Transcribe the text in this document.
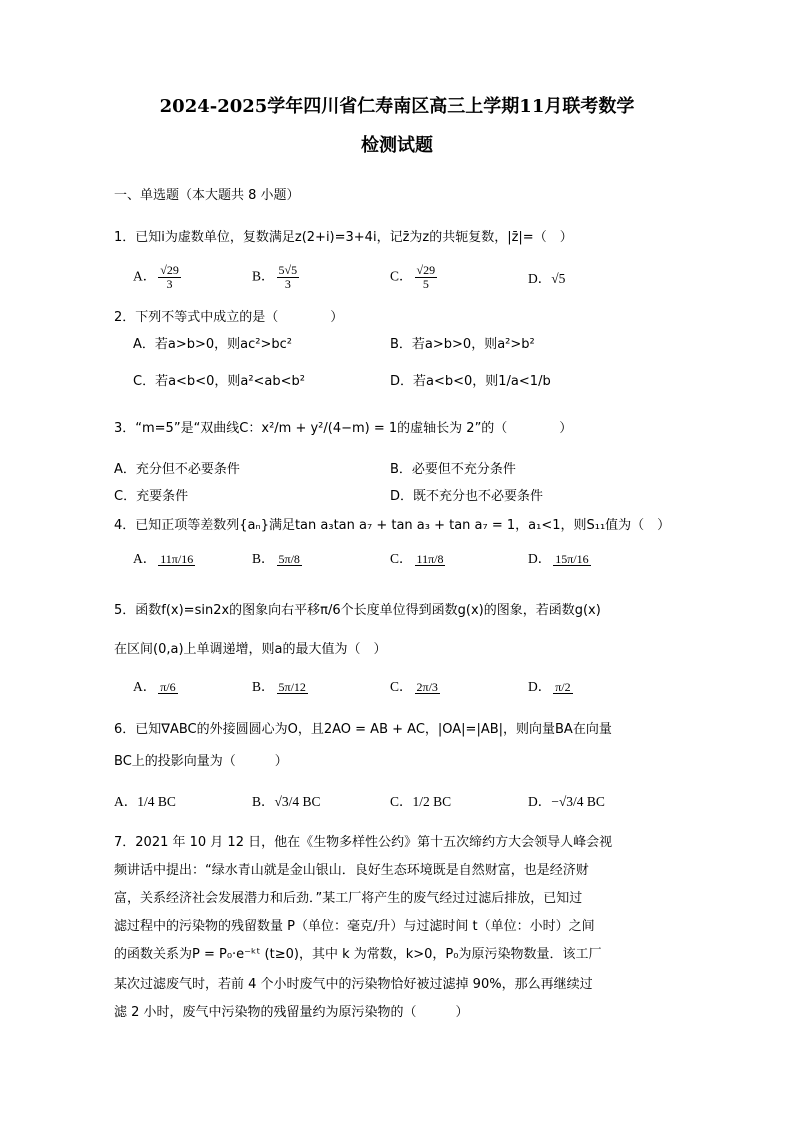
2024-2025学年四川省仁寿南区高三上学期11月联考数学
检测试题
一、单选题（本大题共 8 小题）
1．已知i为虚数单位，复数满足z(2+i)=3+4i，记z̄为z的共轭复数，|z̄|=（　）
A． $\frac{√29}{3}$	B． $\frac{5√5}{3}$	C． $\frac{√29}{5}$	D．√5
2．下列不等式中成立的是（　　　　）
A．若a>b>0，则ac²>bc²	B．若a>b>0，则a²>b²
C．若a<b<0，则a²<ab<b²	D．若a<b<0，则1/a<1/b
3．“m=5”是“双曲线C：x²/m + y²/(4−m) = 1的虚轴长为 2”的（　　　　）
A．充分但不必要条件	B．必要但不充分条件
C．充要条件	D．既不充分也不必要条件
4．已知正项等差数列{aₙ}满足tan a₃tan a₇ + tan a₃ + tan a₇ = 1，a₁<1，则S₁₁值为（　）
A． 11π/16	B． 5π/8	C． 11π/8	D． 15π/16
5．函数f(x)=sin2x的图象向右平移π/6个长度单位得到函数g(x)的图象，若函数g(x)
在区间(0,a)上单调递增，则a的最大值为（　）
A． π/6	B． 5π/12	C． 2π/3	D． π/2
6．已知∇ABC的外接圆圆心为O，且2AO = AB + AC，|OA|=|AB|，则向量BA在向量
BC上的投影向量为（　　　）
A．1/4 BC	B．√3/4 BC	C．1/2 BC	D．−√3/4 BC
7．2021 年 10 月 12 日，他在《生物多样性公约》第十五次缔约方大会领导人峰会视
频讲话中提出：“绿水青山就是金山银山．良好生态环境既是自然财富，也是经济财
富，关系经济社会发展潜力和后劲．”某工厂将产生的废气经过过滤后排放，已知过
滤过程中的污染物的残留数量 P（单位：毫克/升）与过滤时间 t（单位：小时）之间
的函数关系为P = P₀·e⁻ᵏᵗ (t≥0)，其中 k 为常数，k>0，P₀为原污染物数量．该工厂
某次过滤废气时，若前 4 个小时废气中的污染物恰好被过滤掉 90%，那么再继续过
滤 2 小时，废气中污染物的残留量约为原污染物的（　　　）
